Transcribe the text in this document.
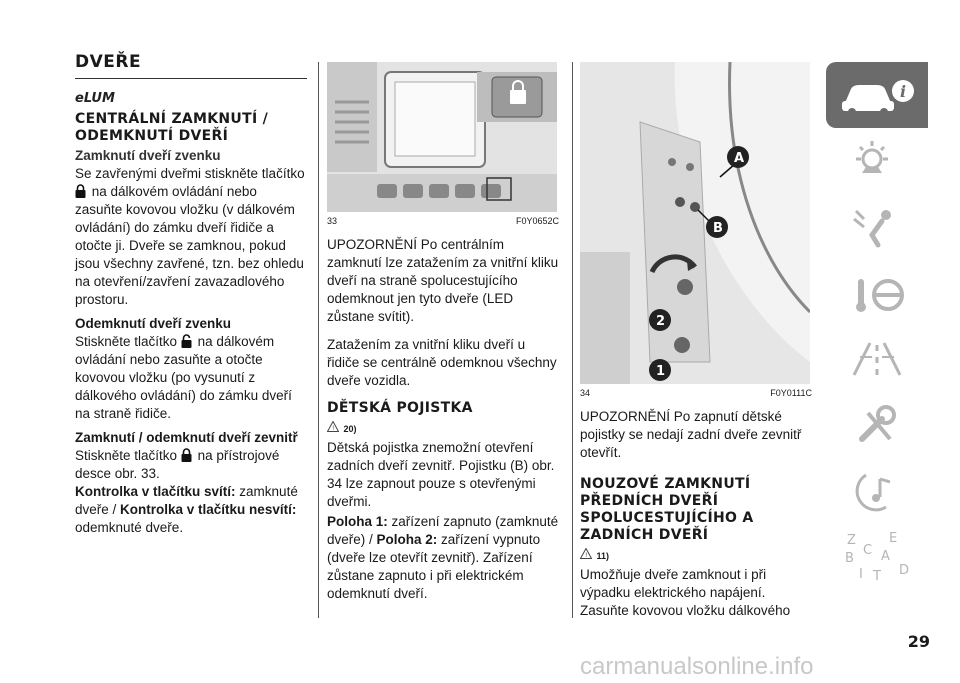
DVEŘE
eLUM
CENTRÁLNÍ ZAMKNUTÍ / ODEMKNUTÍ DVEŘÍ
Zamknutí dveří zvenku

Se zavřenými dveřmi stiskněte tlačítko  na dálkovém ovládání nebo zasuňte kovovou vložku (v dálkovém ovládání) do zámku dveří řidiče a otočte ji. Dveře se zamknou, pokud jsou všechny zavřené, tzn. bez ohledu na otevření/zavření zavazadlového prostoru.

Odemknutí dveří zvenku

Stiskněte tlačítko na dálkovém ovládání nebo zasuňte a otočte kovovou vložku (po vysunutí z dálkového ovládání) do zámku dveří na straně řidiče.

Zamknutí / odemknutí dveří zevnitř

Stiskněte tlačítko na přístrojové desce obr. 33.

Kontrolka v tlačítku svítí: zamknuté dveře / Kontrolka v tlačítku nesvítí: odemknuté dveře.

33	F0Y0652C

UPOZORNĚNÍ Po centrálním zamknutí lze zatažením za vnitřní kliku dveří na straně spolucestujícího odemknout jen tyto dveře (LED zůstane svítit).

Zatažením za vnitřní kliku dveří u řidiče se centrálně odemknou všechny dveře vozidla.

DĚTSKÁ POJISTKA
! 20)

Dětská pojistka znemožní otevření zadních dveří zevnitř. Pojistku (B) obr. 34 lze zapnout pouze s otevřenými dveřmi.

Poloha 1: zařízení zapnuto (zamknuté dveře) / Poloha 2: zařízení vypnuto (dveře lze otevřít zevnitř). Zařízení zůstane zapnuto i při elektrickém odemknutí dveří.

A
B
2
1
34	F0Y0111C

UPOZORNĚNÍ Po zapnutí dětské pojistky se nedají zadní dveře zevnitř otevřít.

NOUZOVÉ ZAMKNUTÍ PŘEDNÍCH DVEŘÍ SPOLUCESTUJÍCÍHO A ZADNÍCH DVEŘÍ
! 11)

Umožňuje dveře zamknout i při výpadku elektrického napájení. Zasuňte kovovou vložku dálkového

i
Z	E
B A
C
D
I T
29
carmanualsonline.info
